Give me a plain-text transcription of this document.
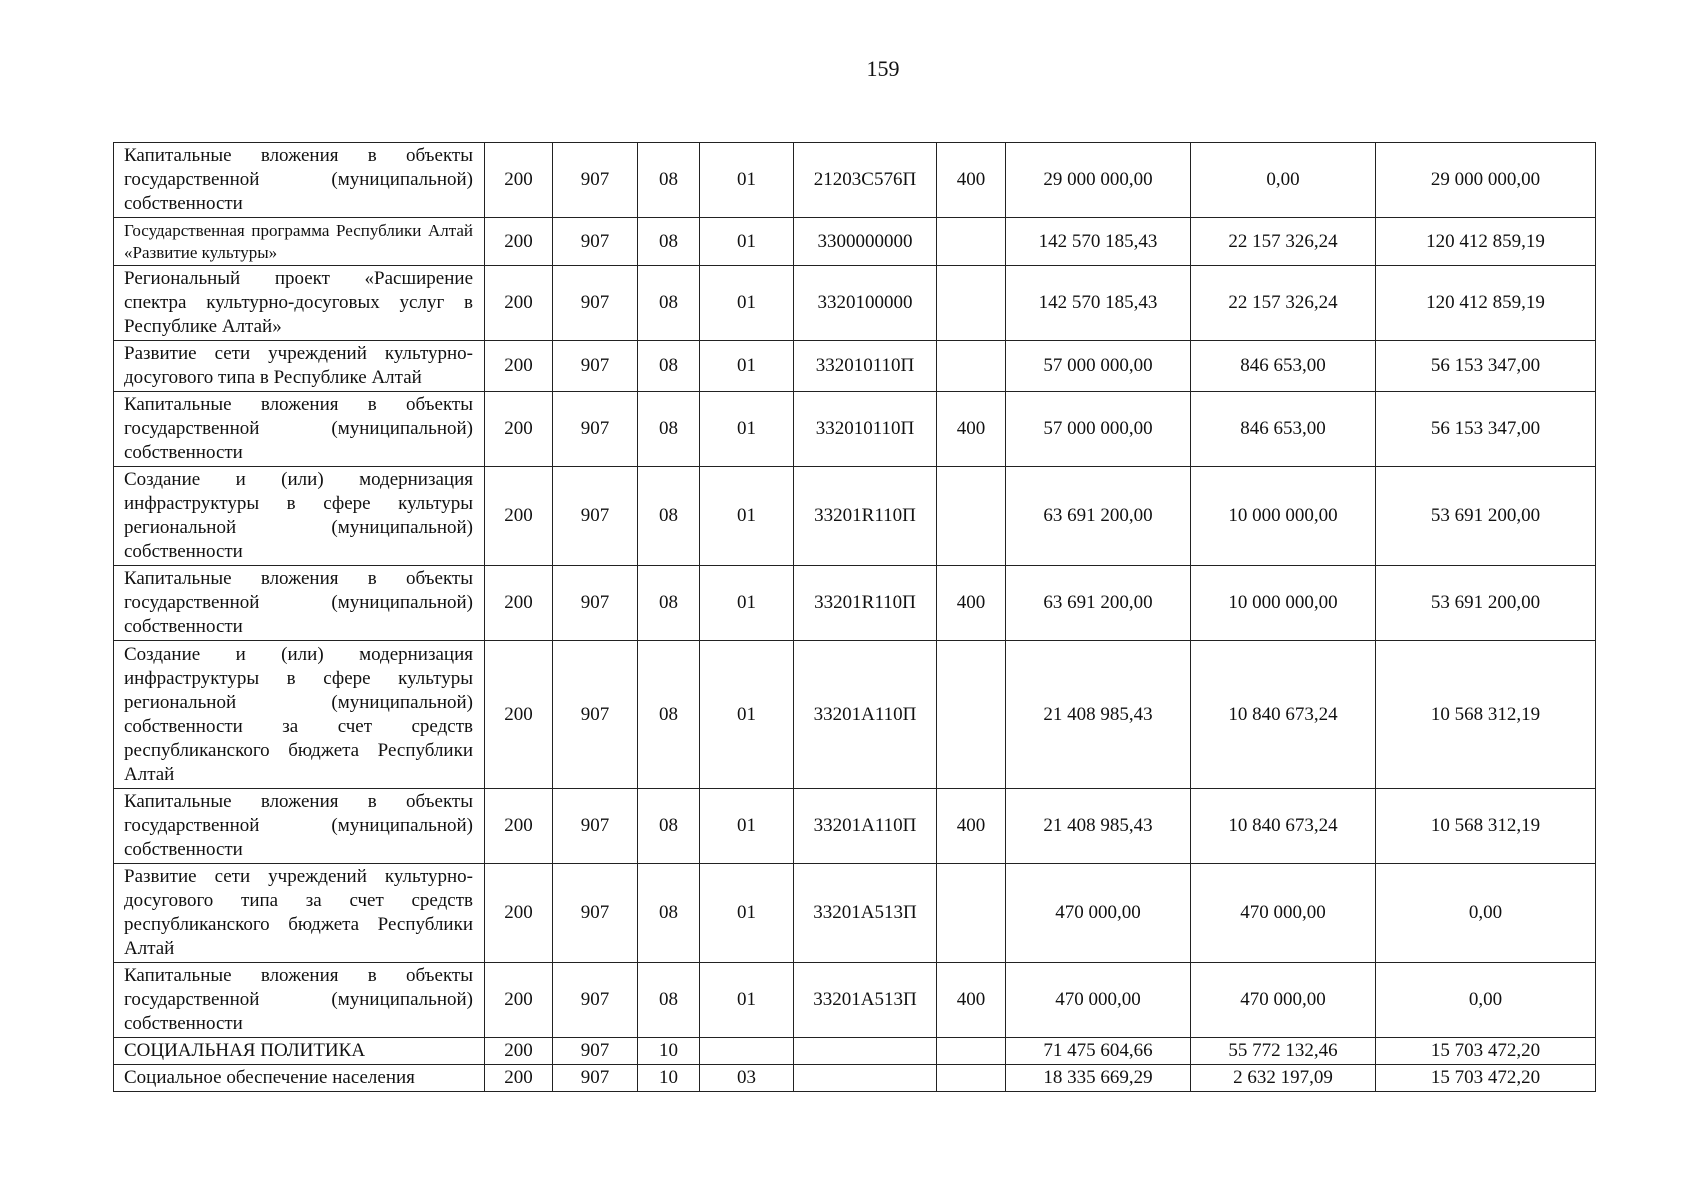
159
Капитальные вложения в объекты государственной (муниципальной) собственности	200	907	08	01	21203С576П	400	29 000 000,00	0,00	29 000 000,00
Государственная программа Республики Алтай «Развитие культуры»	200	907	08	01	3300000000		142 570 185,43	22 157 326,24	120 412 859,19
Региональный проект «Расширение спектра культурно-досуговых услуг в Республике Алтай»	200	907	08	01	3320100000		142 570 185,43	22 157 326,24	120 412 859,19
Развитие сети учреждений культурно-досугового типа в Республике Алтай	200	907	08	01	332010110П		57 000 000,00	846 653,00	56 153 347,00
Капитальные вложения в объекты государственной (муниципальной) собственности	200	907	08	01	332010110П	400	57 000 000,00	846 653,00	56 153 347,00
Создание и (или) модернизация инфраструктуры в сфере культуры региональной (муниципальной) собственности	200	907	08	01	33201R110П		63 691 200,00	10 000 000,00	53 691 200,00
Капитальные вложения в объекты государственной (муниципальной) собственности	200	907	08	01	33201R110П	400	63 691 200,00	10 000 000,00	53 691 200,00
Создание и (или) модернизация инфраструктуры в сфере культуры региональной (муниципальной) собственности за счет средств республиканского бюджета Республики Алтай	200	907	08	01	33201А110П		21 408 985,43	10 840 673,24	10 568 312,19
Капитальные вложения в объекты государственной (муниципальной) собственности	200	907	08	01	33201А110П	400	21 408 985,43	10 840 673,24	10 568 312,19
Развитие сети учреждений культурно-досугового типа за счет средств республиканского бюджета Республики Алтай	200	907	08	01	33201А513П		470 000,00	470 000,00	0,00
Капитальные вложения в объекты государственной (муниципальной) собственности	200	907	08	01	33201А513П	400	470 000,00	470 000,00	0,00
СОЦИАЛЬНАЯ ПОЛИТИКА	200	907	10				71 475 604,66	55 772 132,46	15 703 472,20
Социальное обеспечение населения	200	907	10	03			18 335 669,29	2 632 197,09	15 703 472,20
